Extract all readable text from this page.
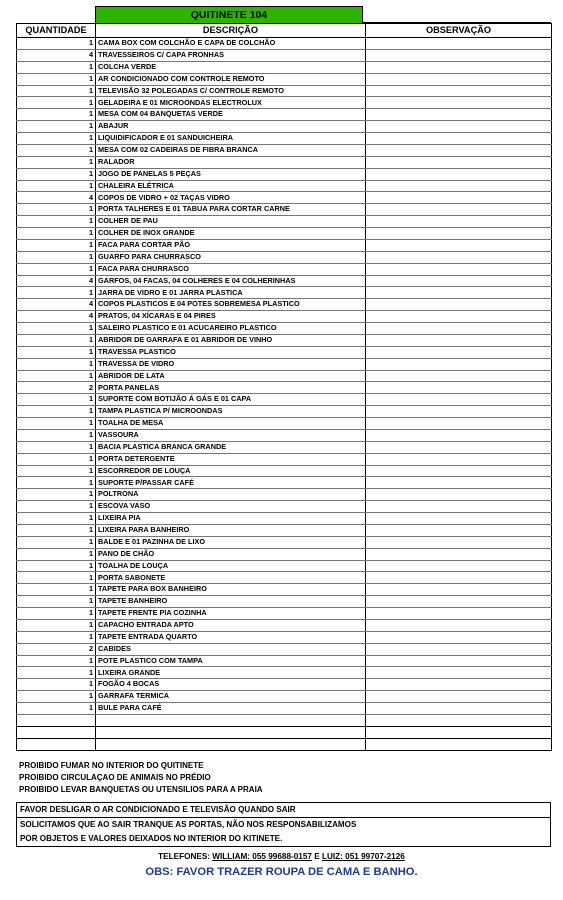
QUITINETE 104
QUANTIDADE	DESCRIÇÃO	OBSERVAÇÃO
1	CAMA BOX COM COLCHÃO E CAPA DE COLCHÃO	
4	TRAVESSEIROS C/ CAPA FRONHAS	
1	COLCHA VERDE	
1	AR CONDICIONADO COM CONTROLE REMOTO	
1	TELEVISÃO 32 POLEGADAS C/ CONTROLE REMOTO	
1	GELADEIRA E 01 MICROONDAS ELECTROLUX	
1	MESA COM 04 BANQUETAS VERDE	
1	ABAJUR	
1	LIQUIDIFICADOR E 01 SANDUICHEIRA	
1	MESA COM 02 CADEIRAS DE FIBRA BRANCA	
1	RALADOR	
1	JOGO DE PANELAS 5 PEÇAS	
1	CHALEIRA ELÉTRICA	
4	COPOS DE VIDRO + 02 TAÇAS VIDRO	
1	PORTA TALHERES E 01 TABUA PARA CORTAR CARNE	
1	COLHER DE PAU	
1	COLHER DE INOX GRANDE	
1	FACA PARA CORTAR PÃO	
1	GUARFO PARA CHURRASCO	
1	FACA PARA CHURRASCO	
4	GARFOS, 04 FACAS, 04 COLHERES E 04 COLHERINHAS	
1	JARRA DE VIDRO E 01 JARRA PLASTICA	
4	COPOS PLASTICOS E 04 POTES SOBREMESA PLASTICO	
4	PRATOS, 04 XÍCARAS E 04 PIRES	
1	SALEIRO PLASTICO E 01 ACUCAREIRO PLASTICO	
1	ABRIDOR DE GARRAFA E 01 ABRIDOR DE VINHO	
1	TRAVESSA PLASTICO	
1	TRAVESSA DE VIDRO	
1	ABRIDOR DE LATA	
2	PORTA PANELAS	
1	SUPORTE COM BOTIJÃO Á GÁS E 01 CAPA	
1	TAMPA PLASTICA P/ MICROONDAS	
1	TOALHA DE MESA	
1	VASSOURA	
1	BACIA PLASTICA BRANCA GRANDE	
1	PORTA DETERGENTE	
1	ESCORREDOR DE LOUÇA	
1	SUPORTE P/PASSAR CAFÉ	
1	POLTRONA	
1	ESCOVA VASO	
1	LIXEIRA PIA	
1	LIXEIRA PARA BANHEIRO	
1	BALDE E 01 PAZINHA DE LIXO	
1	PANO DE CHÃO	
1	TOALHA DE LOUÇA	
1	PORTA SABONETE	
1	TAPETE PARA BOX BANHEIRO	
1	TAPETE BANHEIRO	
1	TAPETE FRENTE PIA COZINHA	
1	CAPACHO ENTRADA APTO	
1	TAPETE ENTRADA QUARTO	
2	CABIDES	
1	POTE PLASTICO COM TAMPA	
1	LIXEIRA GRANDE	
1	FOGÃO 4 BOCAS	
1	GARRAFA TERMICA	
1	BULE PARA CAFÉ	

PROIBIDO FUMAR NO INTERIOR DO QUITINETE
PROIBIDO CIRCULAÇAO DE ANIMAIS NO PRÉDIO
PROIBIDO LEVAR BANQUETAS OU UTENSILIOS PARA A PRAIA
FAVOR DESLIGAR O AR CONDICIONADO E TELEVISÃO QUANDO SAIR
SOLICITAMOS QUE AO SAIR TRANQUE AS PORTAS, NÃO NOS RESPONSABILIZAMOS
POR OBJETOS E VALORES DEIXADOS NO INTERIOR DO KITINETE.
TELEFONES: WILLIAM: 055 99688-0157 E LUIZ: 051 99707-2126
OBS: FAVOR TRAZER ROUPA DE CAMA E BANHO.
